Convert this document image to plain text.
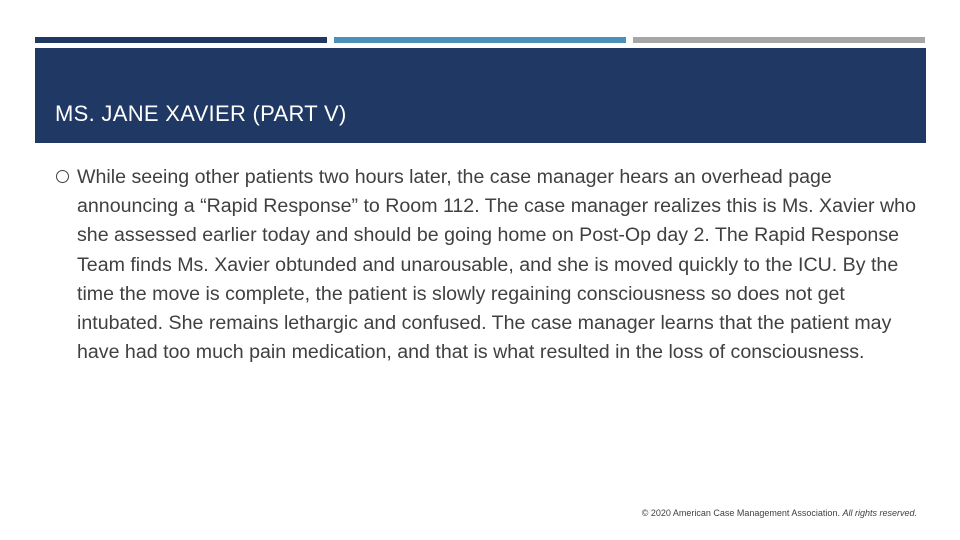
MS. JANE XAVIER (PART V)

While seeing other patients two hours later, the case manager hears an overhead page announcing a “Rapid Response” to Room 112. The case manager realizes this is Ms. Xavier who she assessed earlier today and should be going home on Post-Op day 2. The Rapid Response Team finds Ms. Xavier obtunded and unarousable, and she is moved quickly to the ICU. By the time the move is complete, the patient is slowly regaining consciousness so does not get intubated. She remains lethargic and confused. The case manager learns that the patient may have had too much pain medication, and that is what resulted in the loss of consciousness.

© 2020 American Case Management Association. All rights reserved.
